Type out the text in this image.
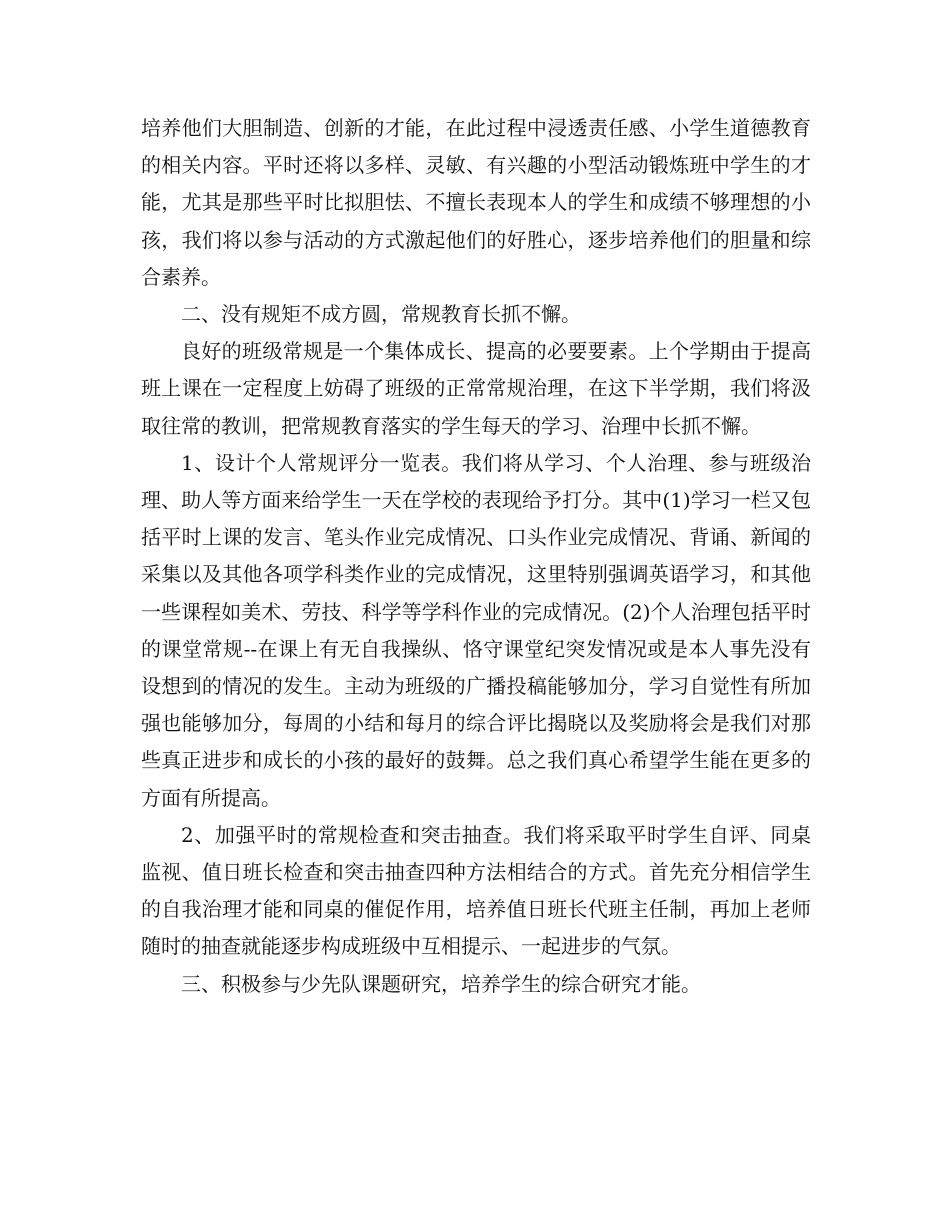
培养他们大胆制造、创新的才能，在此过程中浸透责任感、小学生道德教育的相关内容。平时还将以多样、灵敏、有兴趣的小型活动锻炼班中学生的才能，尤其是那些平时比拟胆怯、不擅长表现本人的学生和成绩不够理想的小孩，我们将以参与活动的方式激起他们的好胜心，逐步培养他们的胆量和综合素养。

二、没有规矩不成方圆，常规教育长抓不懈。

良好的班级常规是一个集体成长、提高的必要要素。上个学期由于提高班上课在一定程度上妨碍了班级的正常常规治理，在这下半学期，我们将汲取往常的教训，把常规教育落实的学生每天的学习、治理中长抓不懈。

1、设计个人常规评分一览表。我们将从学习、个人治理、参与班级治理、助人等方面来给学生一天在学校的表现给予打分。其中(1)学习一栏又包括平时上课的发言、笔头作业完成情况、口头作业完成情况、背诵、新闻的采集以及其他各项学科类作业的完成情况，这里特别强调英语学习，和其他一些课程如美术、劳技、科学等学科作业的完成情况。(2)个人治理包括平时的课堂常规--在课上有无自我操纵、恪守课堂纪突发情况或是本人事先没有设想到的情况的发生。主动为班级的广播投稿能够加分，学习自觉性有所加强也能够加分，每周的小结和每月的综合评比揭晓以及奖励将会是我们对那些真正进步和成长的小孩的最好的鼓舞。总之我们真心希望学生能在更多的方面有所提高。

2、加强平时的常规检查和突击抽查。我们将采取平时学生自评、同桌监视、值日班长检查和突击抽查四种方法相结合的方式。首先充分相信学生的自我治理才能和同桌的催促作用，培养值日班长代班主任制，再加上老师随时的抽查就能逐步构成班级中互相提示、一起进步的气氛。

三、积极参与少先队课题研究，培养学生的综合研究才能。
